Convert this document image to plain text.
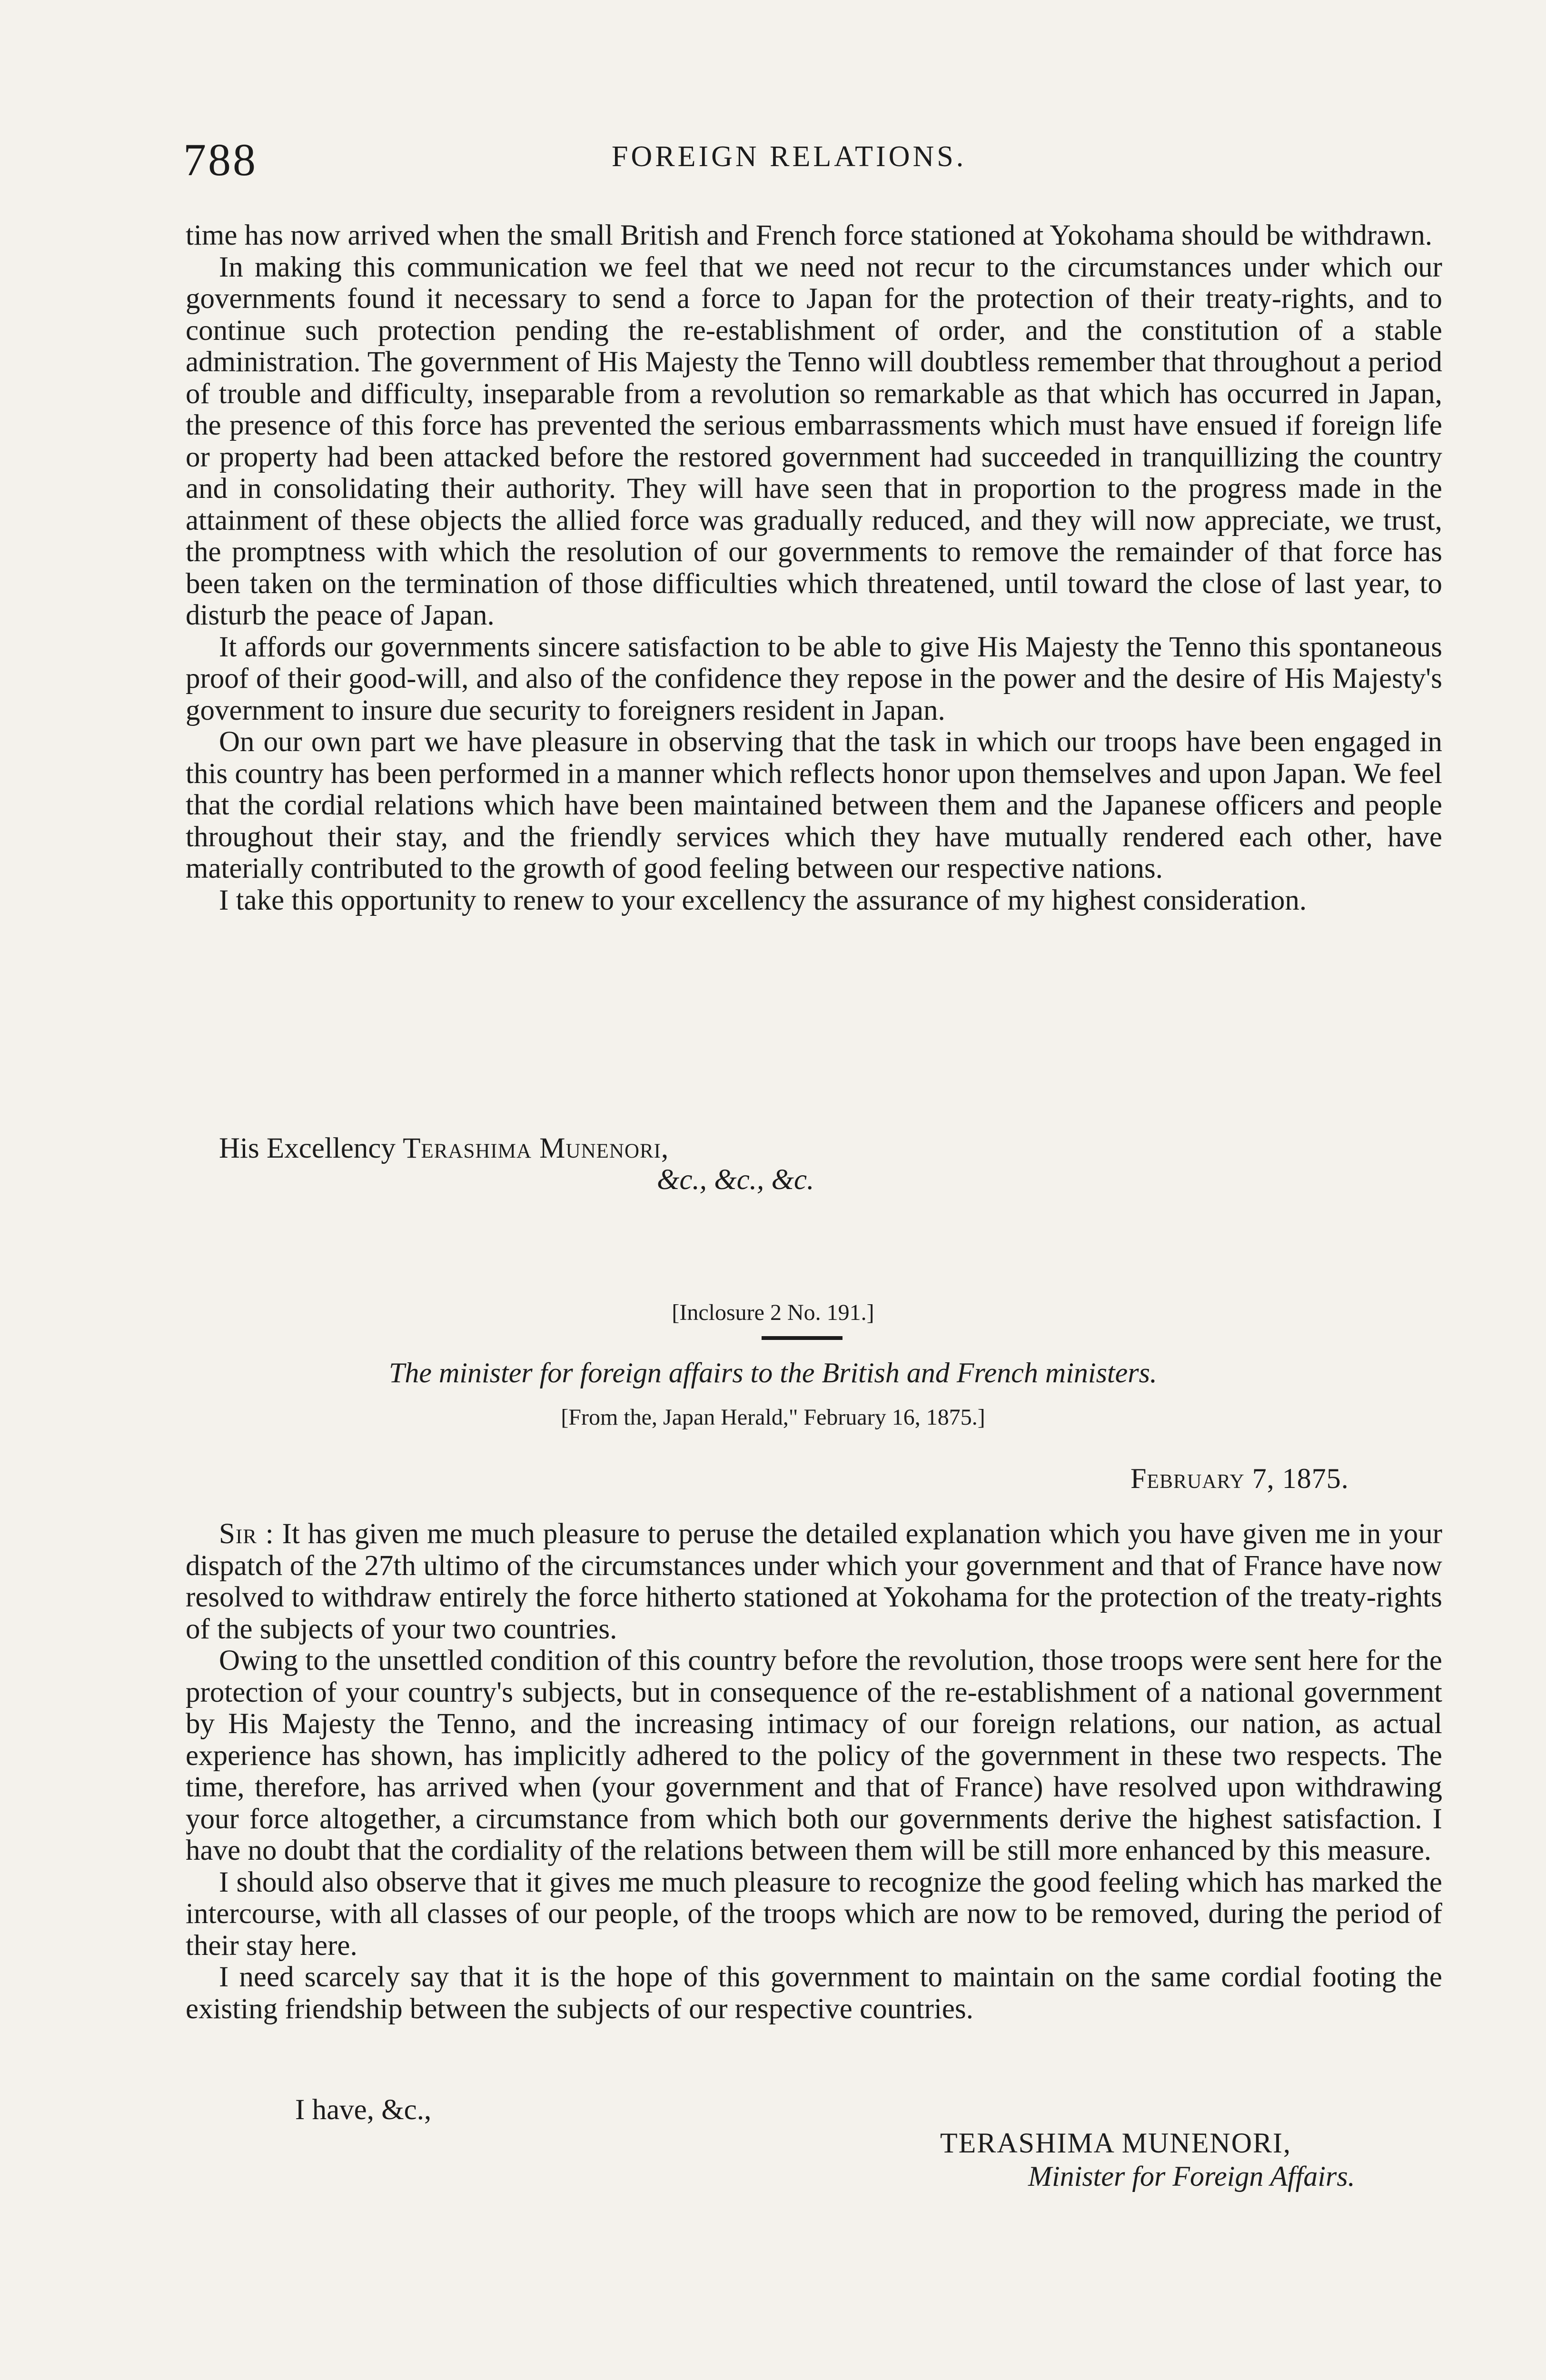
788	FOREIGN RELATIONS.

time has now arrived when the small British and French force stationed at Yokohama should be withdrawn.

In making this communication we feel that we need not recur to the circumstances under which our governments found it necessary to send a force to Japan for the protection of their treaty-rights, and to continue such protection pending the re-establishment of order, and the constitution of a stable administration. The government of His Majesty the Tenno will doubtless remember that throughout a period of trouble and difficulty, inseparable from a revolution so remarkable as that which has occurred in Japan, the presence of this force has prevented the serious embarrassments which must have ensued if foreign life or property had been attacked before the restored government had succeeded in tranquillizing the country and in consolidating their authority. They will have seen that in proportion to the progress made in the attainment of these objects the allied force was gradually reduced, and they will now appreciate, we trust, the promptness with which the resolution of our governments to remove the remainder of that force has been taken on the termination of those difficulties which threatened, until toward the close of last year, to disturb the peace of Japan.

It affords our governments sincere satisfaction to be able to give His Majesty the Tenno this spontaneous proof of their good-will, and also of the confidence they repose in the power and the desire of His Majesty's government to insure due security to foreigners resident in Japan.

On our own part we have pleasure in observing that the task in which our troops have been engaged in this country has been performed in a manner which reflects honor upon themselves and upon Japan. We feel that the cordial relations which have been maintained between them and the Japanese officers and people throughout their stay, and the friendly services which they have mutually rendered each other, have materially contributed to the growth of good feeling between our respective nations.

I take this opportunity to renew to your excellency the assurance of my highest consideration.

His Excellency Terashima Munenori,
&c., &c., &c.
[Inclosure 2 No. 191.]
The minister for foreign affairs to the British and French ministers.
[From the, Japan Herald," February 16, 1875.]
February 7, 1875.

Sir : It has given me much pleasure to peruse the detailed explanation which you have given me in your dispatch of the 27th ultimo of the circumstances under which your government and that of France have now resolved to withdraw entirely the force hitherto stationed at Yokohama for the protection of the treaty-rights of the subjects of your two countries.

Owing to the unsettled condition of this country before the revolution, those troops were sent here for the protection of your country's subjects, but in consequence of the re-establishment of a national government by His Majesty the Tenno, and the increasing intimacy of our foreign relations, our nation, as actual experience has shown, has implicitly adhered to the policy of the government in these two respects. The time, therefore, has arrived when (your government and that of France) have resolved upon withdrawing your force altogether, a circumstance from which both our governments derive the highest satisfaction. I have no doubt that the cordiality of the relations between them will be still more enhanced by this measure.

I should also observe that it gives me much pleasure to recognize the good feeling which has marked the intercourse, with all classes of our people, of the troops which are now to be removed, during the period of their stay here.

I need scarcely say that it is the hope of this government to maintain on the same cordial footing the existing friendship between the subjects of our respective countries.

I have, &c.,
TERASHIMA MUNENORI,
Minister for Foreign Affairs.
